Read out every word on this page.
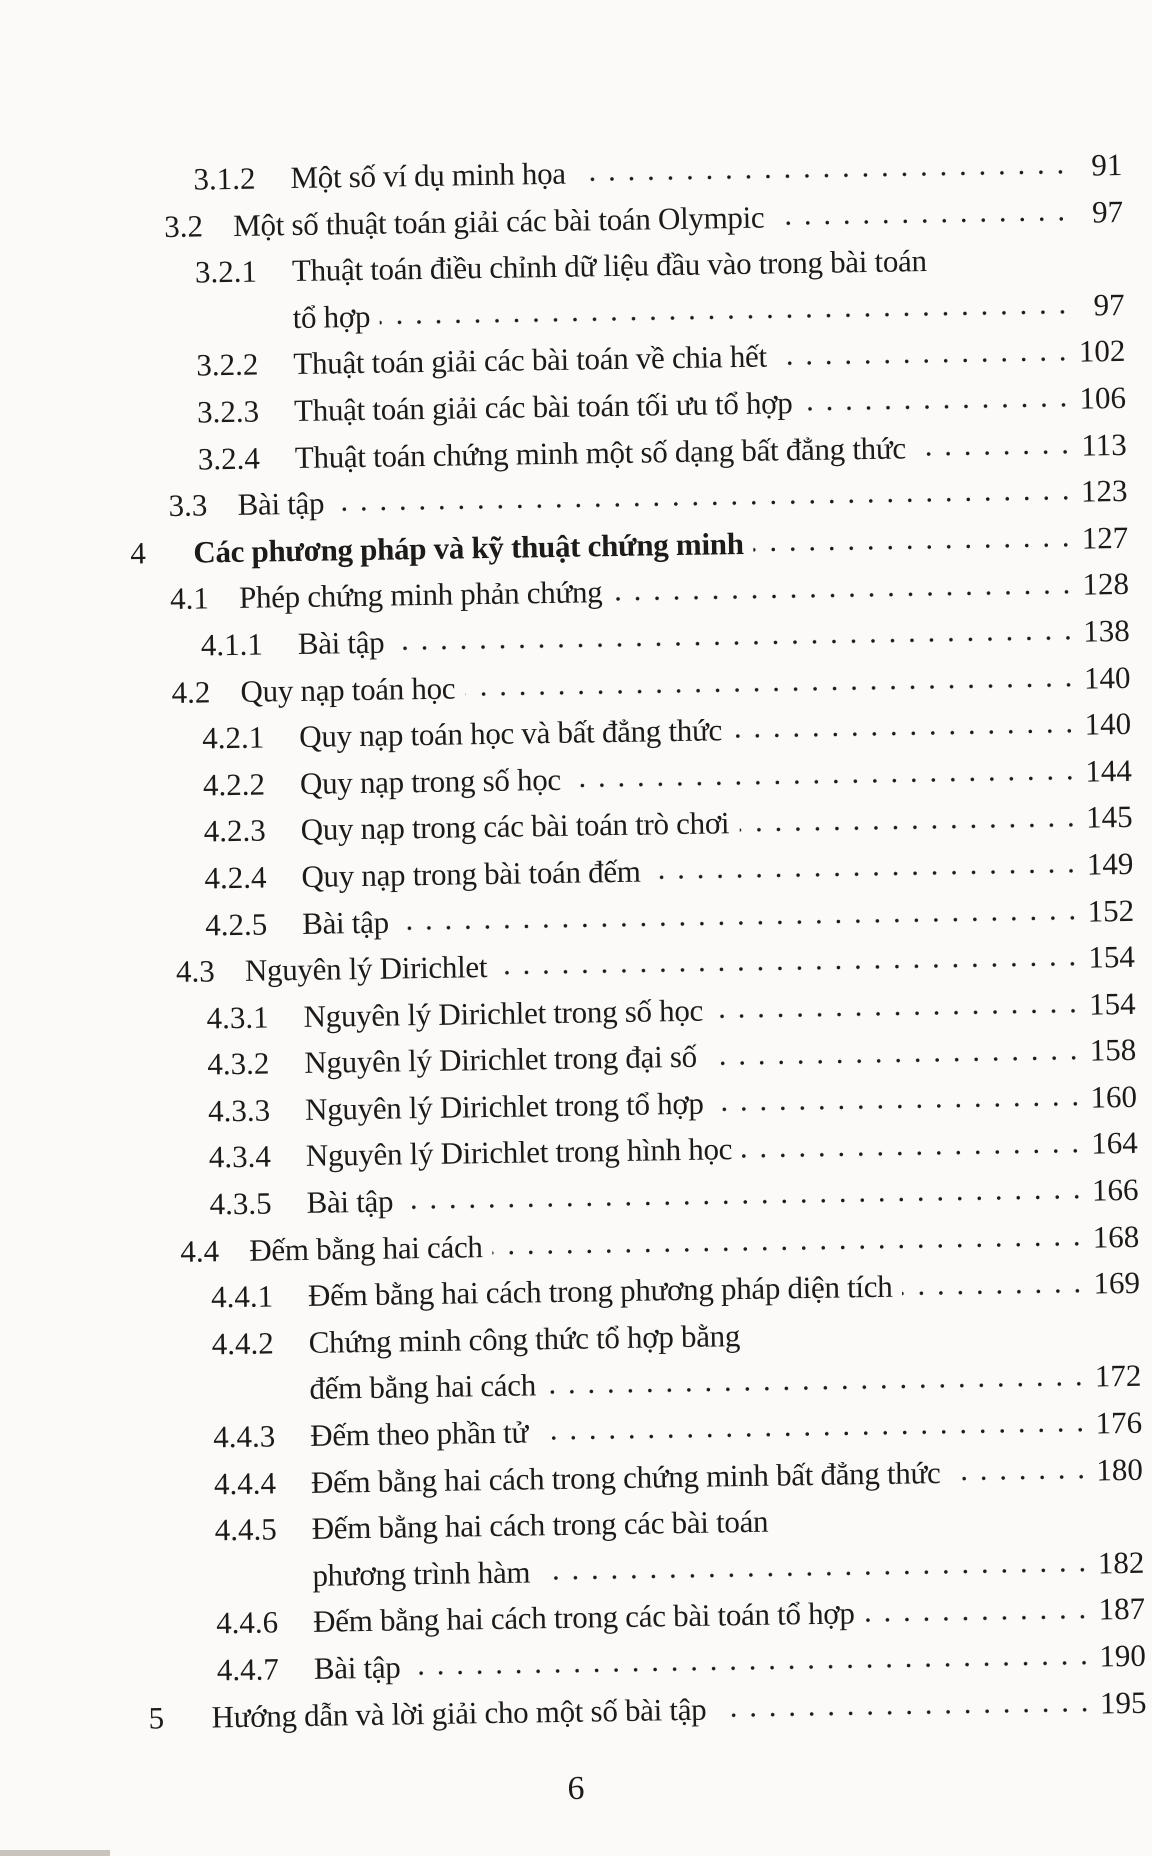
3.1.2 Một số ví dụ minh họa	91
3.2 Một số thuật toán giải các bài toán Olympic	97
3.2.1 Thuật toán điều chỉnh dữ liệu đầu vào trong bài toán
tổ hợp	97
3.2.2 Thuật toán giải các bài toán về chia hết	102
3.2.3 Thuật toán giải các bài toán tối ưu tổ hợp	106
3.2.4 Thuật toán chứng minh một số dạng bất đẳng thức	113
3.3 Bài tập	123
4 Các phương pháp và kỹ thuật chứng minh	127
4.1 Phép chứng minh phản chứng	128
4.1.1 Bài tập	138
4.2 Quy nạp toán học	140
4.2.1 Quy nạp toán học và bất đẳng thức	140
4.2.2 Quy nạp trong số học	144
4.2.3 Quy nạp trong các bài toán trò chơi	145
4.2.4 Quy nạp trong bài toán đếm	149
4.2.5 Bài tập	152
4.3 Nguyên lý Dirichlet	154
4.3.1 Nguyên lý Dirichlet trong số học	154
4.3.2 Nguyên lý Dirichlet trong đại số	158
4.3.3 Nguyên lý Dirichlet trong tổ hợp	160
4.3.4 Nguyên lý Dirichlet trong hình học	164
4.3.5 Bài tập	166
4.4 Đếm bằng hai cách	168
4.4.1 Đếm bằng hai cách trong phương pháp diện tích	169
4.4.2 Chứng minh công thức tổ hợp bằng
đếm bằng hai cách	172
4.4.3 Đếm theo phần tử	176
4.4.4 Đếm bằng hai cách trong chứng minh bất đẳng thức	180
4.4.5 Đếm bằng hai cách trong các bài toán
phương trình hàm	182
4.4.6 Đếm bằng hai cách trong các bài toán tổ hợp	187
4.4.7 Bài tập	190
5 Hướng dẫn và lời giải cho một số bài tập	195
6
